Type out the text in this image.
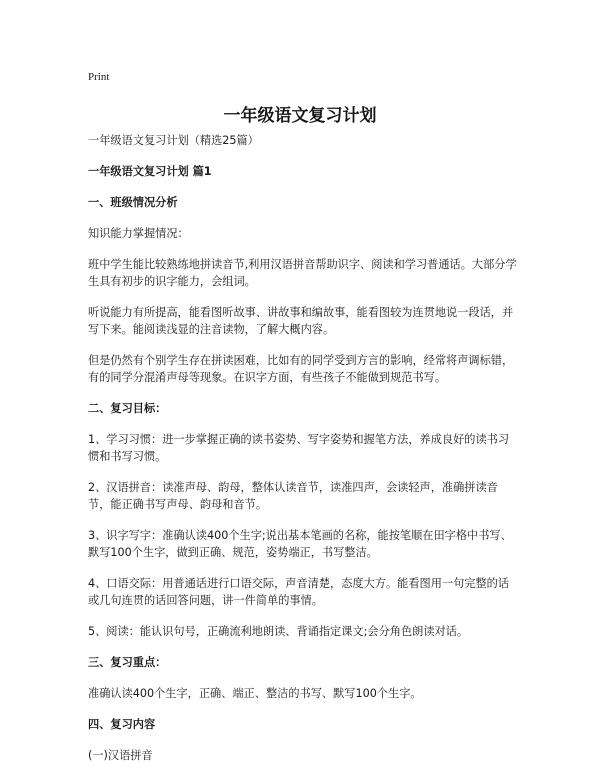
Print
一年级语文复习计划

一年级语文复习计划（精选25篇）

一年级语文复习计划 篇1

一、班级情况分析

知识能力掌握情况：

班中学生能比较熟练地拼读音节,利用汉语拼音帮助识字、阅读和学习普通话。大部分学生具有初步的识字能力，会组词。

听说能力有所提高，能看图听故事、讲故事和编故事，能看图较为连贯地说一段话，并写下来。能阅读浅显的注音读物，了解大概内容。

但是仍然有个别学生存在拼读困难，比如有的同学受到方言的影响，经常将声调标错，有的同学分混淆声母等现象。在识字方面，有些孩子不能做到规范书写。

二、复习目标：

1、学习习惯：进一步掌握正确的读书姿势、写字姿势和握笔方法，养成良好的读书习惯和书写习惯。

2、汉语拼音：读准声母、韵母，整体认读音节，读准四声，会读轻声，准确拼读音节，能正确书写声母、韵母和音节。

3、识字写字：准确认读400个生字;说出基本笔画的名称，能按笔顺在田字格中书写、默写100个生字，做到正确、规范，姿势端正，书写整洁。

4、口语交际：用普通话进行口语交际，声音清楚，态度大方。能看图用一句完整的话或几句连贯的话回答问题，讲一件简单的事情。

5、阅读：能认识句号，正确流利地朗读、背诵指定课文;会分角色朗读对话。

三、复习重点：

准确认读400个生字，正确、端正、整洁的书写、默写100个生字。

四、复习内容

(一)汉语拼音
